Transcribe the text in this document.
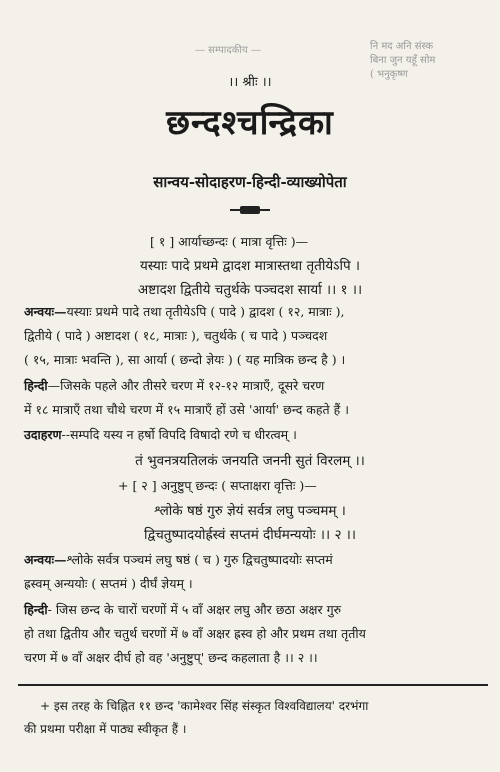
— सम्पादकीय —	नि मद अनि संस्क
बिना जुन यहूँ सोम
( भनुकृष्ण
।। श्रीः ।।
छन्दश्चन्द्रिका
सान्वय-सोदाहरण-हिन्दी-व्याख्योपेता
[ १ ] आर्याच्छन्दः ( मात्रा वृत्तिः )—
यस्याः पादे प्रथमे द्वादश मात्रास्तथा तृतीयेऽपि ।
अष्टादश द्वितीये चतुर्थके पञ्चदश सार्या ।। १ ।।
अन्वयः—यस्याः प्रथमे पादे तथा तृतीयेऽपि ( पादे ) द्वादश ( १२, मात्राः ),
द्वितीये ( पादे ) अष्टादश ( १८, मात्राः ), चतुर्थके ( च पादे ) पञ्चदश
( १५, मात्राः भवन्ति ), सा आर्या ( छन्दो ज्ञेयः ) ( यह मात्रिक छन्द है ) ।
हिन्दी—जिसके पहले और तीसरे चरण में १२-१२ मात्राएँ, दूसरे चरण
में १८ मात्राएँ तथा चौथे चरण में १५ मात्राएँ हों उसे 'आर्या' छन्द कहते हैं ।
उदाहरण--सम्पदि यस्य न हर्षो विपदि विषादो रणे च धीरत्वम् ।
तं भुवनत्रयतिलकं जनयति जननी सुतं विरलम् ।।
+ [ २ ] अनुष्टुप् छन्दः ( सप्ताक्षरा वृत्तिः )—
श्लोके षष्ठं गुरु ज्ञेयं सर्वत्र लघु पञ्चमम् ।
द्विचतुष्पादयोर्ह्रस्वं सप्तमं दीर्घमन्ययोः ।। २ ।।
अन्वयः—श्लोके सर्वत्र पञ्चमं लघु षष्ठं ( च ) गुरु द्विचतुष्पादयोः सप्तमं
ह्रस्वम् अन्ययोः ( सप्तमं ) दीर्घं ज्ञेयम् ।
हिन्दी- जिस छन्द के चारों चरणों में ५ वाँ अक्षर लघु और छठा अक्षर गुरु
हो तथा द्वितीय और चतुर्थ चरणों में ७ वाँ अक्षर ह्रस्व हो और प्रथम तथा तृतीय
चरण में ७ वाँ अक्षर दीर्घ हो वह 'अनुष्टुप्' छन्द कहलाता है ।। २ ।।
+ इस तरह के चिह्नित ११ छन्द 'कामेश्वर सिंह संस्कृत विश्वविद्यालय' दरभंगा
की प्रथमा परीक्षा में पाठ्य स्वीकृत हैं ।
